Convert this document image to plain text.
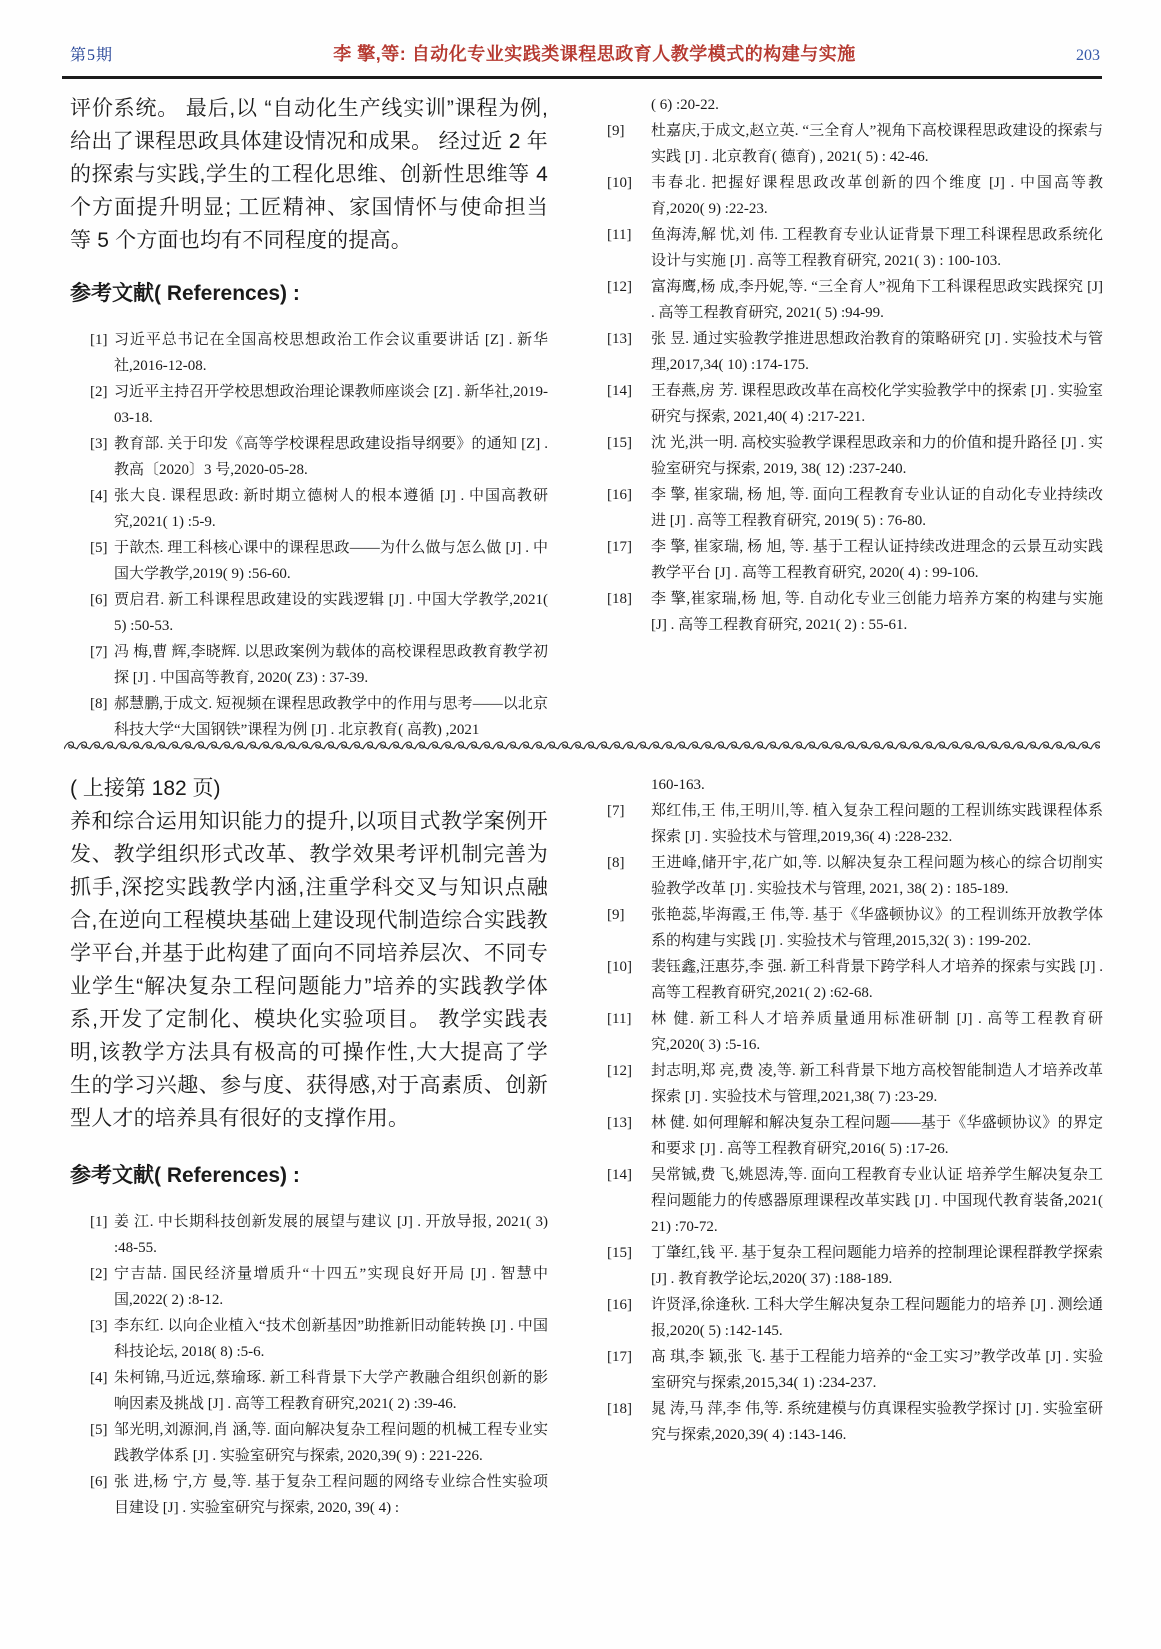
第5期	李 擎,等: 自动化专业实践类课程思政育人教学模式的构建与实施	203
评价系统。 最后,以 “自动化生产线实训”课程为例,给出了课程思政具体建设情况和成果。 经过近 2 年的探索与实践,学生的工程化思维、创新性思维等 4 个方面提升明显; 工匠精神、家国情怀与使命担当等 5 个方面也均有不同程度的提高。
参考文献( References) :
[1] 习近平总书记在全国高校思想政治工作会议重要讲话 [Z] . 新华社,2016-12-08.
[2] 习近平主持召开学校思想政治理论课教师座谈会 [Z] . 新华社,2019-03-18.
[3] 教育部. 关于印发《高等学校课程思政建设指导纲要》的通知 [Z] . 教高〔2020〕3 号,2020-05-28.
[4] 张大良. 课程思政: 新时期立德树人的根本遵循 [J] . 中国高教研究,2021( 1) :5-9.
[5] 于歆杰. 理工科核心课中的课程思政——为什么做与怎么做 [J] . 中国大学教学,2019( 9) :56-60.
[6] 贾启君. 新工科课程思政建设的实践逻辑 [J] . 中国大学教学,2021( 5) :50-53.
[7] 冯 梅,曹 辉,李晓辉. 以思政案例为载体的高校课程思政教育教学初探 [J] . 中国高等教育, 2020( Z3) : 37-39.
[8] 郝慧鹏,于成文. 短视频在课程思政教学中的作用与思考——以北京科技大学“大国钢铁”课程为例 [J] . 北京教育( 高教) ,2021
( 6) :20-22.
[9]	杜嘉庆,于成文,赵立英. “三全育人”视角下高校课程思政建设的探索与实践 [J] . 北京教育( 德育) , 2021( 5) : 42-46.
[10]	韦春北. 把握好课程思政改革创新的四个维度 [J] . 中国高等教育,2020( 9) :22-23.
[11]	鱼海涛,解 忧,刘 伟. 工程教育专业认证背景下理工科课程思政系统化设计与实施 [J] . 高等工程教育研究, 2021( 3) : 100-103.
[12]	富海鹰,杨 成,李丹妮,等. “三全育人”视角下工科课程思政实践探究 [J] . 高等工程教育研究, 2021( 5) :94-99.
[13]	张 昱. 通过实验教学推进思想政治教育的策略研究 [J] . 实验技术与管理,2017,34( 10) :174-175.
[14]	王春燕,房 芳. 课程思政改革在高校化学实验教学中的探索 [J] . 实验室研究与探索, 2021,40( 4) :217-221.
[15]	沈 光,洪一明. 高校实验教学课程思政亲和力的价值和提升路径 [J] . 实验室研究与探索, 2019, 38( 12) :237-240.
[16]	李 擎, 崔家瑞, 杨 旭, 等. 面向工程教育专业认证的自动化专业持续改进 [J] . 高等工程教育研究, 2019( 5) : 76-80.
[17]	李 擎, 崔家瑞, 杨 旭, 等. 基于工程认证持续改进理念的云景互动实践教学平台 [J] . 高等工程教育研究, 2020( 4) : 99-106.
[18]	李 擎,崔家瑞,杨 旭, 等. 自动化专业三创能力培养方案的构建与实施 [J] . 高等工程教育研究, 2021( 2) : 55-61.
( 上接第 182 页)
养和综合运用知识能力的提升,以项目式教学案例开发、教学组织形式改革、教学效果考评机制完善为抓手,深挖实践教学内涵,注重学科交叉与知识点融合,在逆向工程模块基础上建设现代制造综合实践教学平台,并基于此构建了面向不同培养层次、不同专业学生“解决复杂工程问题能力”培养的实践教学体系,开发了定制化、模块化实验项目。 教学实践表明,该教学方法具有极高的可操作性,大大提高了学生的学习兴趣、参与度、获得感,对于高素质、创新型人才的培养具有很好的支撑作用。
参考文献( References) :
[1] 姜 江. 中长期科技创新发展的展望与建议 [J] . 开放导报, 2021( 3) :48-55.
[2] 宁吉喆. 国民经济量增质升“十四五”实现良好开局 [J] . 智慧中国,2022( 2) :8-12.
[3] 李东红. 以向企业植入“技术创新基因”助推新旧动能转换 [J] . 中国科技论坛, 2018( 8) :5-6.
[4] 朱柯锦,马近远,蔡瑜琢. 新工科背景下大学产教融合组织创新的影响因素及挑战 [J] . 高等工程教育研究,2021( 2) :39-46.
[5] 邹光明,刘源泂,肖 涵,等. 面向解决复杂工程问题的机械工程专业实践教学体系 [J] . 实验室研究与探索, 2020,39( 9) : 221-226.
[6] 张 进,杨 宁,方 曼,等. 基于复杂工程问题的网络专业综合性实验项目建设 [J] . 实验室研究与探索, 2020, 39( 4) :
160-163.
[7]	郑红伟,王 伟,王明川,等. 植入复杂工程问题的工程训练实践课程体系探索 [J] . 实验技术与管理,2019,36( 4) :228-232.
[8]	王进峰,储开宇,花广如,等. 以解决复杂工程问题为核心的综合切削实验教学改革 [J] . 实验技术与管理, 2021, 38( 2) : 185-189.
[9]	张艳蕊,毕海霞,王 伟,等. 基于《华盛顿协议》的工程训练开放教学体系的构建与实践 [J] . 实验技术与管理,2015,32( 3) : 199-202.
[10]	裴钰鑫,汪惠芬,李 强. 新工科背景下跨学科人才培养的探索与实践 [J] . 高等工程教育研究,2021( 2) :62-68.
[11]	林 健. 新工科人才培养质量通用标准研制 [J] . 高等工程教育研究,2020( 3) :5-16.
[12]	封志明,郑 亮,费 凌,等. 新工科背景下地方高校智能制造人才培养改革探索 [J] . 实验技术与管理,2021,38( 7) :23-29.
[13]	林 健. 如何理解和解决复杂工程问题——基于《华盛顿协议》的界定和要求 [J] . 高等工程教育研究,2016( 5) :17-26.
[14]	吴常铖,费 飞,姚恩涛,等. 面向工程教育专业认证 培养学生解决复杂工程问题能力的传感器原理课程改革实践 [J] . 中国现代教育装备,2021( 21) :70-72.
[15]	丁肇红,钱 平. 基于复杂工程问题能力培养的控制理论课程群教学探索 [J] . 教育教学论坛,2020( 37) :188-189.
[16]	许贤泽,徐逢秋. 工科大学生解决复杂工程问题能力的培养 [J] . 测绘通报,2020( 5) :142-145.
[17]	髙 琪,李 颖,张 飞. 基于工程能力培养的“金工实习”教学改革 [J] . 实验室研究与探索,2015,34( 1) :234-237.
[18]	晁 涛,马 萍,李 伟,等. 系统建模与仿真课程实验教学探讨 [J] . 实验室研究与探索,2020,39( 4) :143-146.
